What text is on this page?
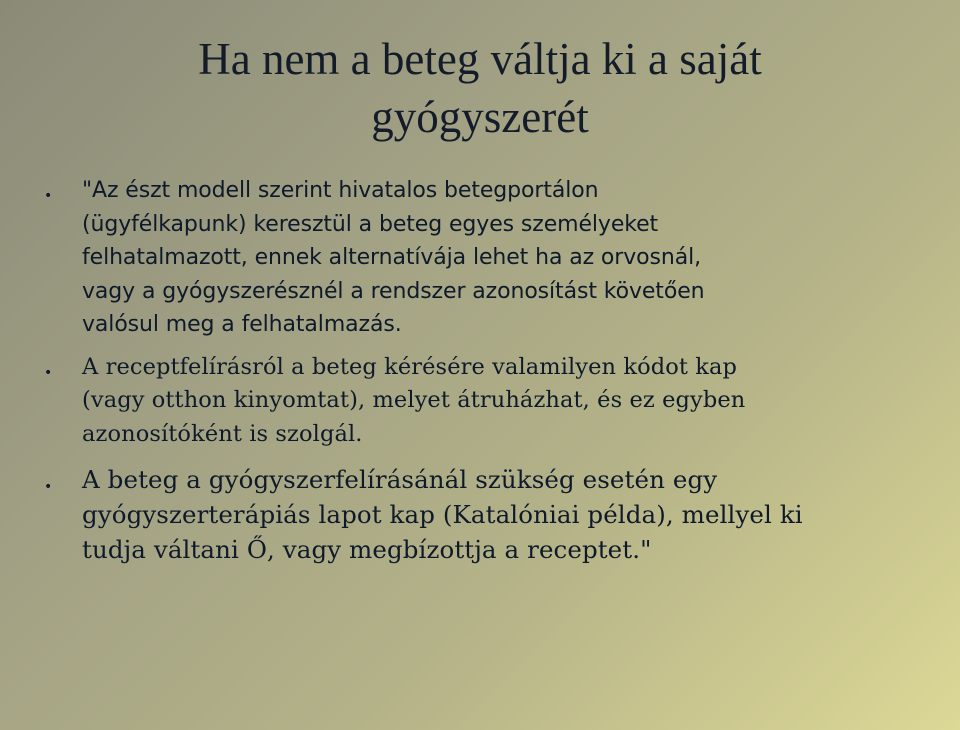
Ha nem a beteg váltja ki a saját
gyógyszerét
• "Az észt modell szerint hivatalos betegportálon
(ügyfélkapunk) keresztül a beteg egyes személyeket
felhatalmazott, ennek alternatívája lehet ha az orvosnál,
vagy a gyógyszerésznél a rendszer azonosítást követően
valósul meg a felhatalmazás.
• A receptfelírásról a beteg kérésére valamilyen kódot kap
(vagy otthon kinyomtat), melyet átruházhat, és ez egyben
azonosítóként is szolgál.
• A beteg a gyógyszerfelírásánál szükség esetén egy
gyógyszerterápiás lapot kap (Katalóniai példa), mellyel ki
tudja váltani Ő, vagy megbízottja a receptet."
